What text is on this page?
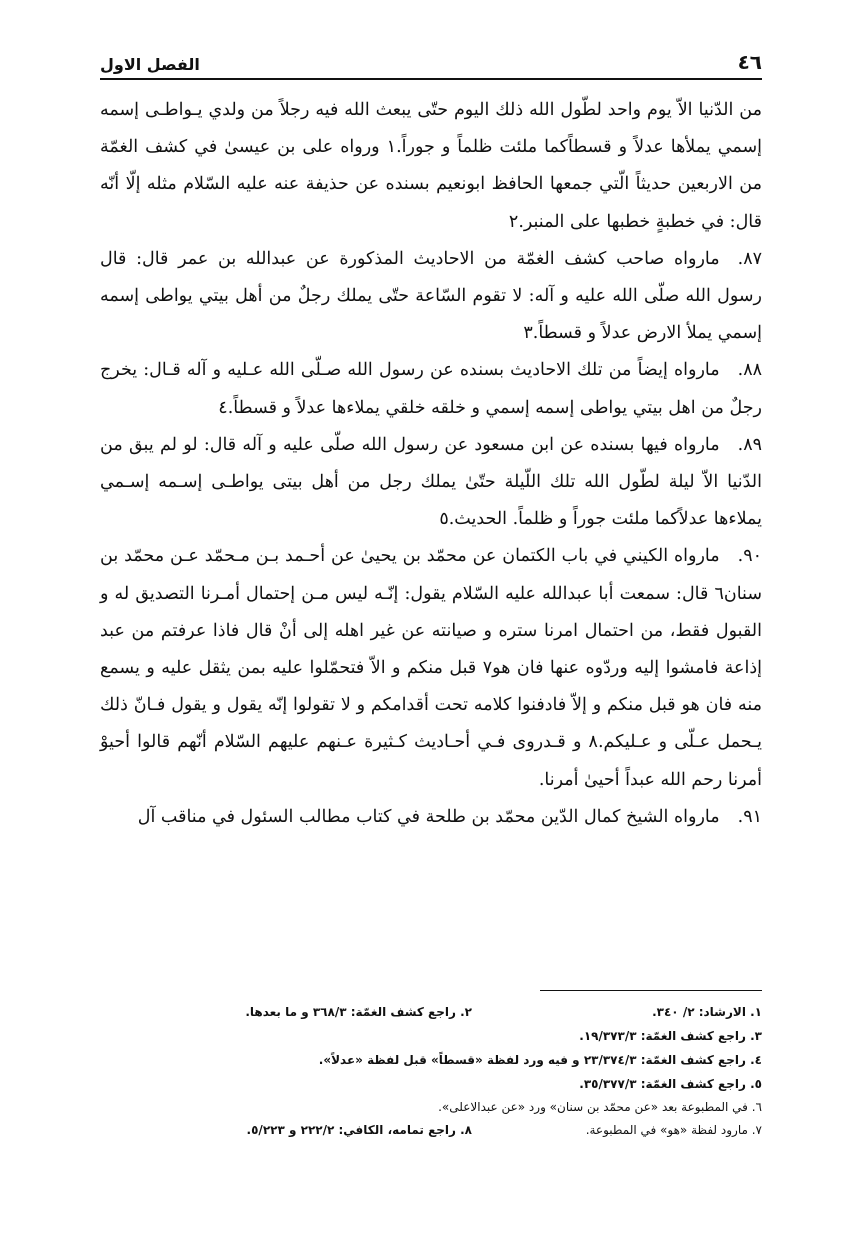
٤٦
الفصل الاول

من الدّنيا الاّ يوم واحد لطّول الله ذلك اليوم حتّى يبعث الله فيه رجلاً من ولدي يـواطـى إسمه إسمي يملأها عدلاً و قسطاًكما ملئت ظلماً و جوراً.١ ورواه على بن عيسىٰ في كشف الغمّة من الاربعين حديثاً الّتي جمعها الحافظ ابونعيم بسنده عن حذيفة عنه عليه السّلام مثله إلّا أنّه قال: في خطبةٍ خطبها على المنبر.٢

٨٧.مارواه صاحب كشف الغمّة من الاحاديث المذكورة عن عبدالله بن عمر قال: قال رسول الله صلّى الله عليه و آله: لا تقوم السّاعة حتّى يملك رجلٌ من أهل بيتي يواطى إسمه إسمي يملأ الارض عدلاً و قسطاً.٣

٨٨.مارواه إيضاً من تلك الاحاديث بسنده عن رسول الله صـلّى الله عـليه و آله قـال: يخرج رجلٌ من اهل بيتي يواطى إسمه إسمي و خلقه خلقي يملاءها عدلاً و قسطاً.٤

٨٩.مارواه فيها بسنده عن ابن مسعود عن رسول الله صلّى عليه و آله قال: لو لم يبق من الدّنيا الاّ ليلة لطّول الله تلك اللّيلة حتّىٰ يملك رجل من أهل بيتى يواطـى إسـمه إسـمي يملاءها عدلاًكما ملئت جوراً و ظلماً. الحديث.٥

٩٠.مارواه الكيني في باب الكتمان عن محمّد بن يحيىٰ عن أحـمد بـن مـحمّد عـن محمّد بن سنان٦ قال: سمعت أبا عبدالله عليه السّلام يقول: إنّـه ليس مـن إحتمال أمـرنا التصديق له و القبول فقط، من احتمال امرنا ستره و صيانته عن غير اهله إلى أنْ قال فاذا عرفتم من عبد إذاعة فامشوا إليه وردّوه عنها فان هو٧ قبل منكم و الاّ فتحمّلوا عليه بمن يثقل عليه و يسمع منه فان هو قبل منكم و إلاّ فادفنوا كلامه تحت أقدامكم و لا تقولوا إنّه يقول و يقول فـانّ ذلك يـحمل عـلّى و عـليكم.٨ و قـدروى فـي أحـاديث كـثيرة عـنهم عليهم السّلام أنّهم قالوا أحيوْ أمرنا رحم الله عبداً أحيىٰ أمرنا.

٩١.مارواه الشيخ كمال الدّين محمّد بن طلحة في كتاب مطالب السئول في مناقب آل

١. الارشاد: ٢/ ٣٤٠.
٢. راجع كشف الغمّة: ٣٦٨/٣ و ما بعدها.
٣. راجع كشف الغمّة: ١٩/٣٧٣/٣.
٤. راجع كشف الغمّة: ٢٣/٣٧٤/٣ و فيه ورد لفظة «قسطاً» قبل لفظة «عدلاً».
٥. راجع كشف الغمّة: ٣٥/٣٧٧/٣.
٦. في المطبوعة بعد «عن محمّد بن سنان» ورد «عن عبدالاعلى».
٧. مارود لفظة «هو» في المطبوعة.
٨. راجع تمامه، الكافي: ٢٢٢/٢ و ٥/٢٢٣.
